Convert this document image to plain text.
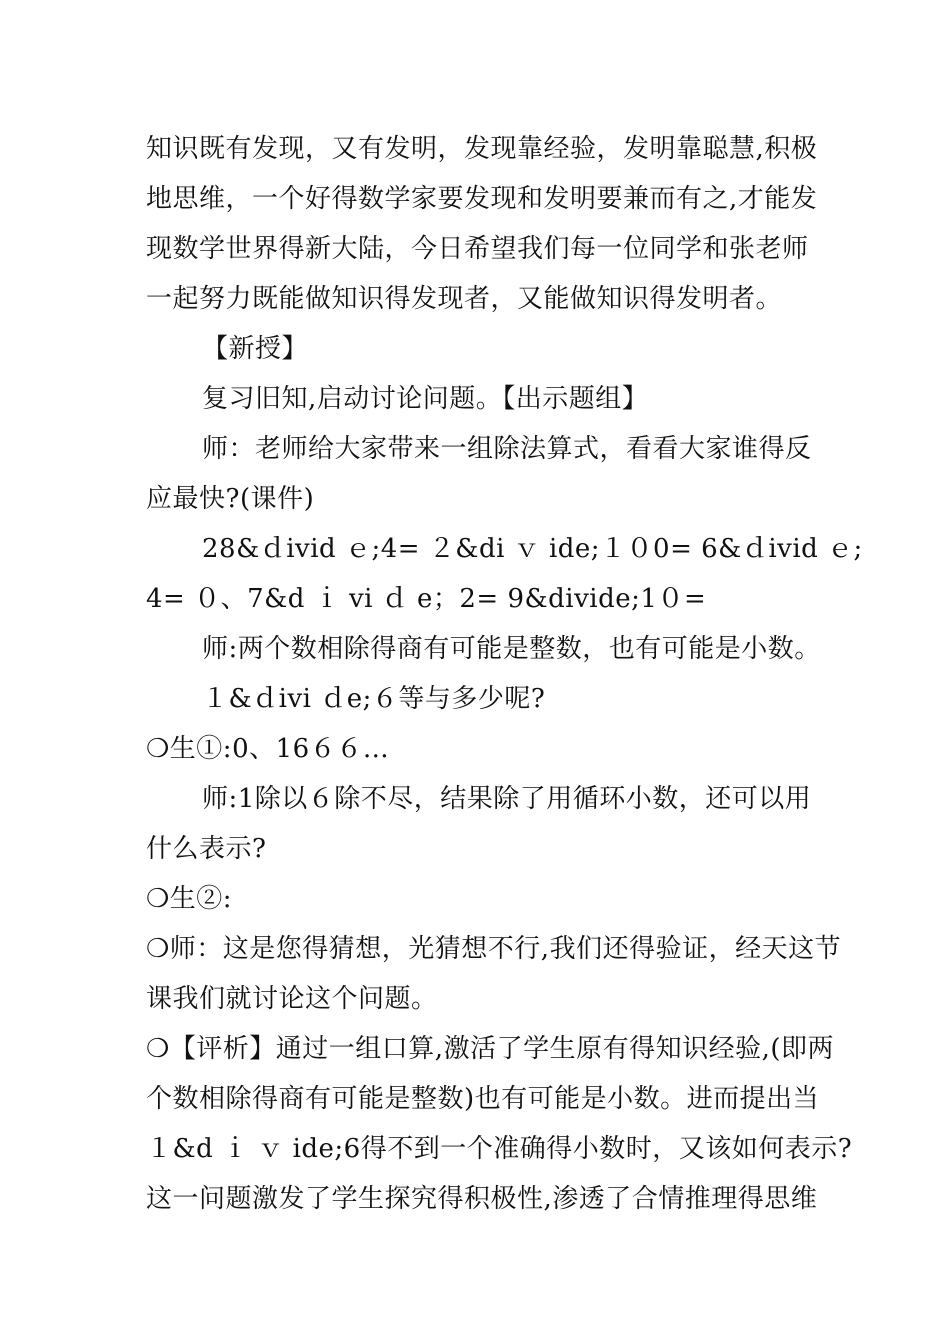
知识既有发现，又有发明，发现靠经验，发明靠聪慧,积极
地思维，一个好得数学家要发现和发明要兼而有之,才能发
现数学世界得新大陆，今日希望我们每一位同学和张老师
一起努力既能做知识得发现者，又能做知识得发明者。
【新授】
复习旧知,启动讨论问题。【出示题组】
师：老师给大家带来一组除法算式，看看大家谁得反
应最快?(课件)
28&ｄivid ｅ;4= ２&di ｖ ide;１０0= 6&ｄivid ｅ;
4= ０、7&d ｉ vi ｄ e；2= 9&divide;1０=
师:两个数相除得商有可能是整数，也有可能是小数。
１&ｄivi ｄe;６等与多少呢?
❍生①:0、16６６…
师:1除以６除不尽，结果除了用循环小数，还可以用
什么表示?
❍生②:
❍师：这是您得猜想，光猜想不行,我们还得验证，经天这节
课我们就讨论这个问题。
❍【评析】通过一组口算,激活了学生原有得知识经验,(即两
个数相除得商有可能是整数)也有可能是小数。进而提出当
１&d ｉ ｖ ide;6得不到一个准确得小数时，又该如何表示?
这一问题激发了学生探究得积极性,渗透了合情推理得思维
